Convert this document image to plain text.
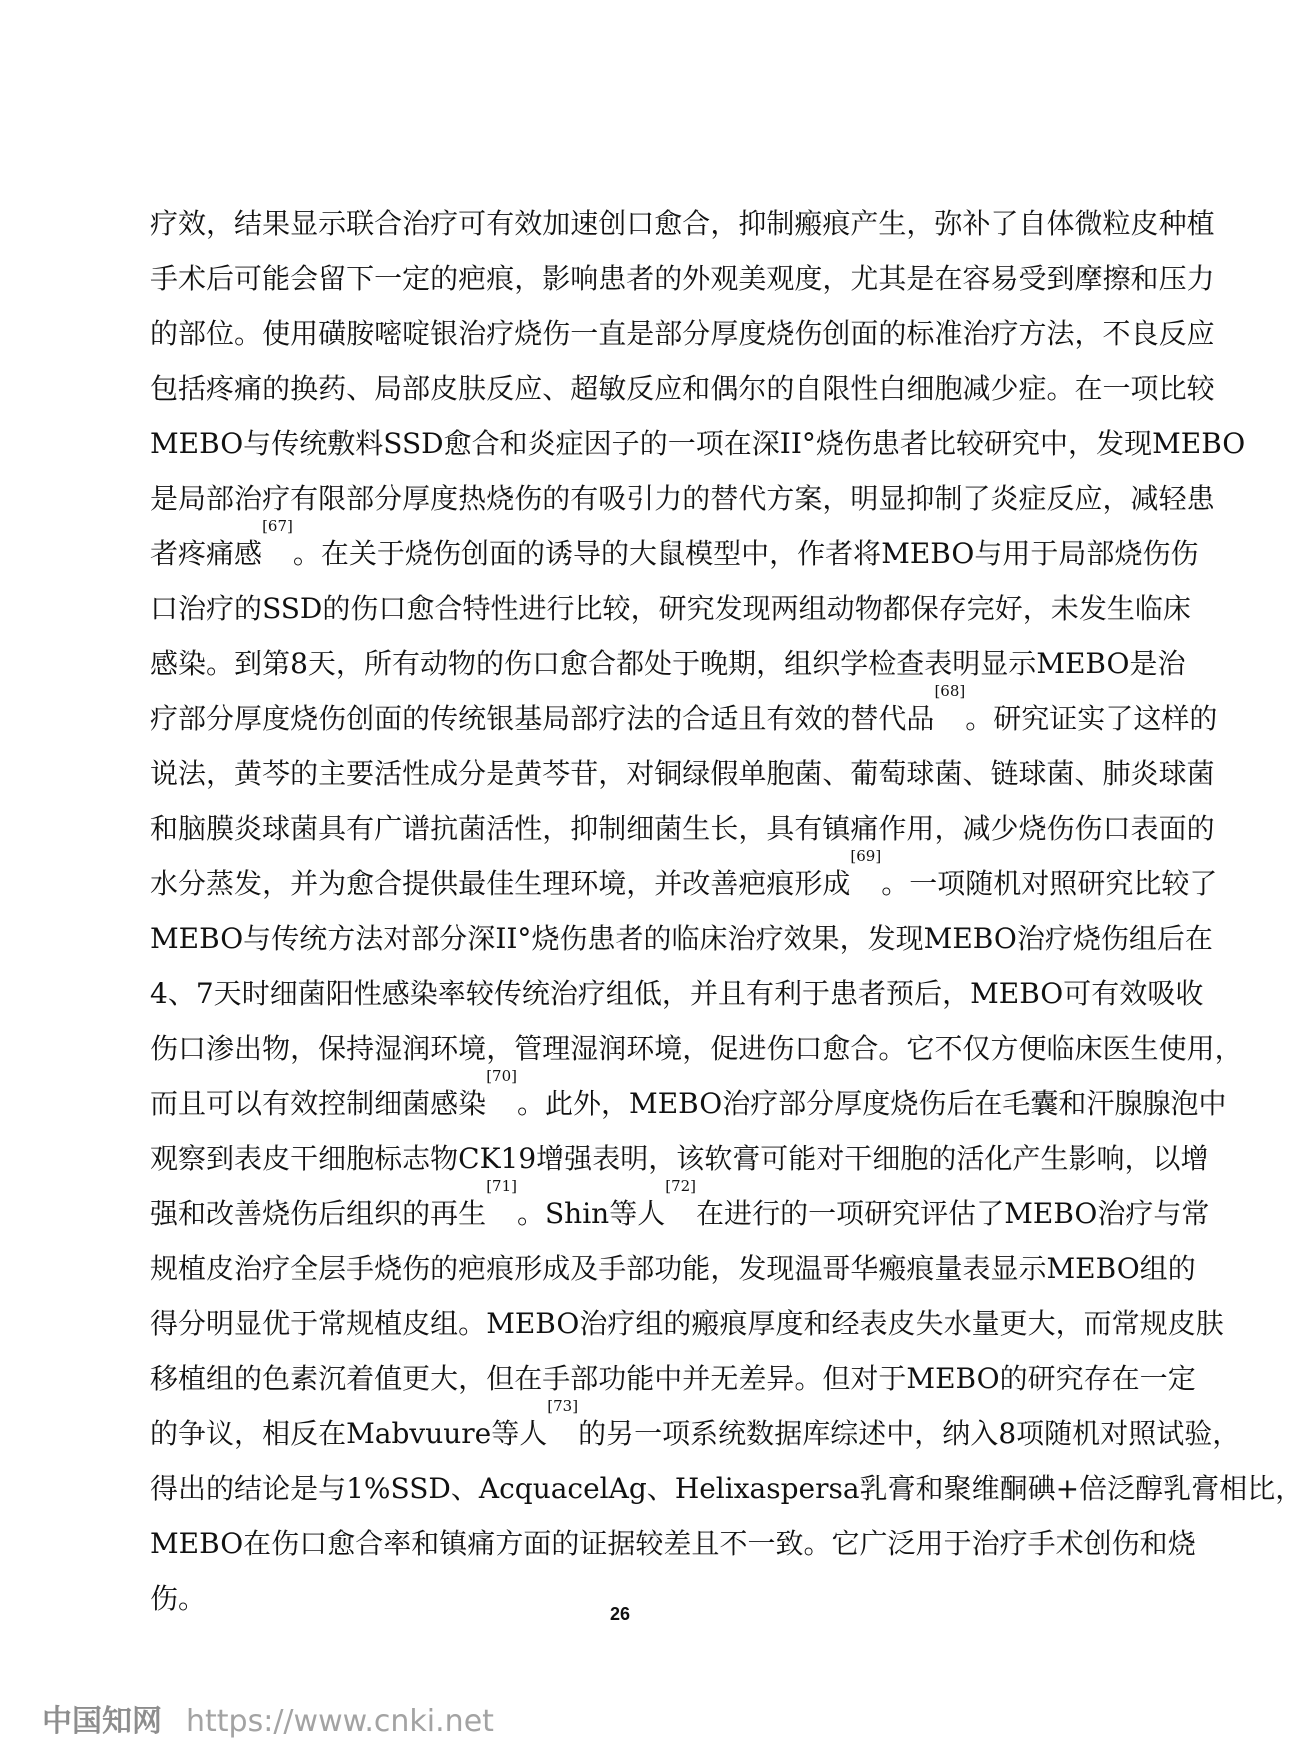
疗 效 ， 结 果 显 示 联 合 治 疗 可 有 效 加 速 创 口 愈 合 ， 抑 制 瘢 痕 产 生 ， 弥 补 了 自 体 微 粒 皮 种 植
手 术 后 可 能 会 留 下 一 定 的 疤 痕 ， 影 响 患 者 的 外 观 美 观 度 ， 尤 其 是 在 容 易 受 到 摩 擦 和 压 力
的 部 位 。 使 用 磺 胺 嘧 啶 银 治 疗 烧 伤 一 直 是 部 分 厚 度 烧 伤 创 面 的 标 准 治 疗 方 法 ， 不 良 反 应
包 括 疼 痛 的 换 药 、 局 部 皮 肤 反 应 、 超 敏 反 应 和 偶 尔 的 自 限 性 白 细 胞 减 少 症 。 在 一 项 比 较
MEBO 与 传 统 敷 料 SSD 愈 合 和 炎 症 因 子 的 一 项 在 深 II° 烧 伤 患 者 比 较 研 究 中 ， 发 现 MEBO
是 局 部 治 疗 有 限 部 分 厚 度 热 烧 伤 的 有 吸 引 力 的 替 代 方 案 ， 明 显 抑 制 了 炎 症 反 应 ， 减 轻 患
者 疼 痛 感
[67]
。 在 关 于 烧 伤 创 面 的 诱 导 的 大 鼠 模 型 中 ， 作 者 将 MEBO 与 用 于 局 部 烧 伤 伤
口 治 疗 的 SSD 的 伤 口 愈 合 特 性 进 行 比 较 ， 研 究 发 现 两 组 动 物 都 保 存 完 好 ， 未 发 生 临 床
感 染 。 到 第 8 天 ， 所 有 动 物 的 伤 口 愈 合 都 处 于 晚 期 ， 组 织 学 检 查 表 明 显 示 MEBO 是 治
疗 部 分 厚 度 烧 伤 创 面 的 传 统 银 基 局 部 疗 法 的 合 适 且 有 效 的 替 代 品
[68]
。 研 究 证 实 了 这 样 的
说 法 ， 黄 芩 的 主 要 活 性 成 分 是 黄 芩 苷 ， 对 铜 绿 假 单 胞 菌 、 葡 萄 球 菌 、 链 球 菌 、 肺 炎 球 菌
和 脑 膜 炎 球 菌 具 有 广 谱 抗 菌 活 性 ， 抑 制 细 菌 生 长 ， 具 有 镇 痛 作 用 ， 减 少 烧 伤 伤 口 表 面 的
水 分 蒸 发 ， 并 为 愈 合 提 供 最 佳 生 理 环 境 ， 并 改 善 疤 痕 形 成
[69]
。 一 项 随 机 对 照 研 究 比 较 了
MEBO 与 传 统 方 法 对 部 分 深 II° 烧 伤 患 者 的 临 床 治 疗 效 果 ， 发 现 MEBO 治 疗 烧 伤 组 后 在
4 、 7 天 时 细 菌 阳 性 感 染 率 较 传 统 治 疗 组 低 ， 并 且 有 利 于 患 者 预 后 ， MEBO 可 有 效 吸 收
伤 口 渗 出 物 ， 保 持 湿 润 环 境 ， 管 理 湿 润 环 境 ， 促 进 伤 口 愈 合 。 它 不 仅 方 便 临 床 医 生 使 用 ，
而 且 可 以 有 效 控 制 细 菌 感 染
[70]
。 此 外 ， MEBO 治 疗 部 分 厚 度 烧 伤 后 在 毛 囊 和 汗 腺 腺 泡 中
观 察 到 表 皮 干 细 胞 标 志 物 CK19 增 强 表 明 ， 该 软 膏 可 能 对 干 细 胞 的 活 化 产 生 影 响 ， 以 增
强 和 改 善 烧 伤 后 组 织 的 再 生
[71]
。 Shin 等 人
[72]
在 进 行 的 一 项 研 究 评 估 了 MEBO 治 疗 与 常
规 植 皮 治 疗 全 层 手 烧 伤 的 疤 痕 形 成 及 手 部 功 能 ， 发 现 温 哥 华 瘢 痕 量 表 显 示 MEBO 组 的
得 分 明 显 优 于 常 规 植 皮 组 。 MEBO 治 疗 组 的 瘢 痕 厚 度 和 经 表 皮 失 水 量 更 大 ， 而 常 规 皮 肤
移 植 组 的 色 素 沉 着 值 更 大 ， 但 在 手 部 功 能 中 并 无 差 异 。 但 对 于 MEBO 的 研 究 存 在 一 定
的 争 议 ， 相 反 在 Mabvuure 等 人
[73]
的 另 一 项 系 统 数 据 库 综 述 中 ， 纳 入 8 项 随 机 对 照 试 验 ，
得 出 的 结 论 是 与 1%SSD 、 Acquacel Ag 、 Helix aspersa 乳 膏 和 聚 维 酮 碘 + 倍 泛 醇 乳 膏 相 比 ，
MEBO 在 伤 口 愈 合 率 和 镇 痛 方 面 的 证 据 较 差 且 不 一 致 。 它 广 泛 用 于 治 疗 手 术 创 伤 和 烧
伤 。	26
中国知网 https://www.cnki.net
